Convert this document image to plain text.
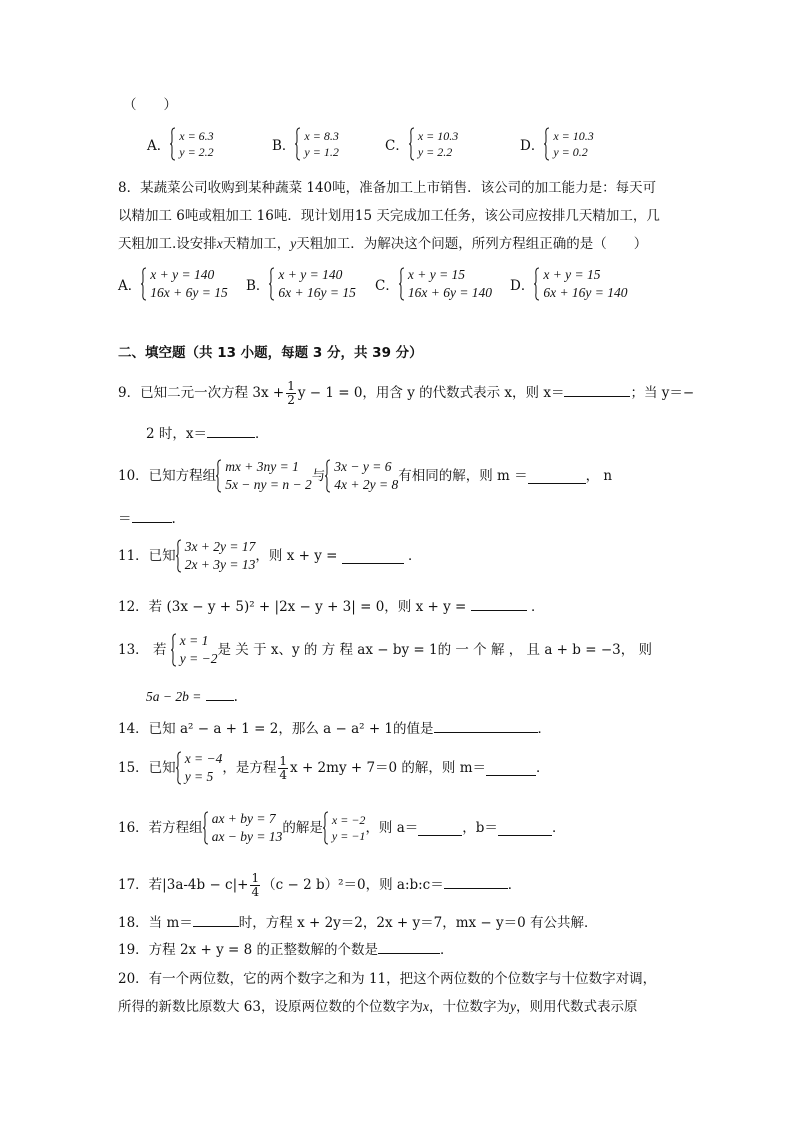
（　　）
A．
x = 6.3
y = 2.2	B．
x = 8.3
y = 1.2	C．
x = 10.3
y = 2.2	D．
x = 10.3
y = 0.2
8．某蔬菜公司收购到某种蔬菜 140吨，准备加工上市销售．该公司的加工能力是：每天可
以精加工 6吨或粗加工 16吨．现计划用15 天完成加工任务，该公司应按排几天精加工，几
天粗加工.设安排x天精加工，y天粗加工．为解决这个问题，所列方程组正确的是（　　）
A．
x + y = 140
16x + 6y = 15 B．
x + y = 140
6x + 16y = 15 C．
x + y = 15
16x + 6y = 140 D．
x + y = 15
6x + 16y = 140
二、填空题（共 13 小题，每题 3 分，共 39 分）
9．已知二元一次方程 $3x + \frac{1}{2}$ y − 1 = 0，用含 y 的代数式表示 x，则 x＝	；当 y＝−
2 时，x＝	．
10．已知方程组
mx + 3ny = 1
5x − ny = n − 2
与
3x − y = 6
4x + 2y = 8
有相同的解，则 m ＝	， n
＝	.
11．已知
3x + 2y = 17
2x + 3y = 13
，则 x + y =

	．
12．若 (3x − y + 5)² + |2x − y + 3| = 0，则 x + y =	．
13． 若

x = 1
y = −2
是 关 于 x、y 的 方 程 ax − by = 1的 一 个 解 ， 且 a + b = −3， 则
5a − 2b = .
14．已知 a² − a + 1 = 2，那么 a − a² + 1的值是	．
15．已知
x = −4
y = 5
，是方程 $\frac{1}{4}$ x + 2my + 7＝0 的解，则 m＝	．
16．若方程组
ax + by = 7
ax − by = 13
的解是 x = −2
y = −1 ，则 a＝	，b＝	．
17．若$|3a-4b - c|+ \frac{1}{4} (c - 2$ b）²＝0，则 a:b:c＝	．
18．当 m＝	时，方程 x + 2y＝2，2x + y＝7，mx − y＝0 有公共解．
19．方程 2x + y = 8 的正整数解的个数是	．
20．有一个两位数，它的两个数字之和为 11，把这个两位数的个位数字与十位数字对调，
所得的新数比原数大 63，设原两位数的个位数字为x，十位数字为y，则用代数式表示原
